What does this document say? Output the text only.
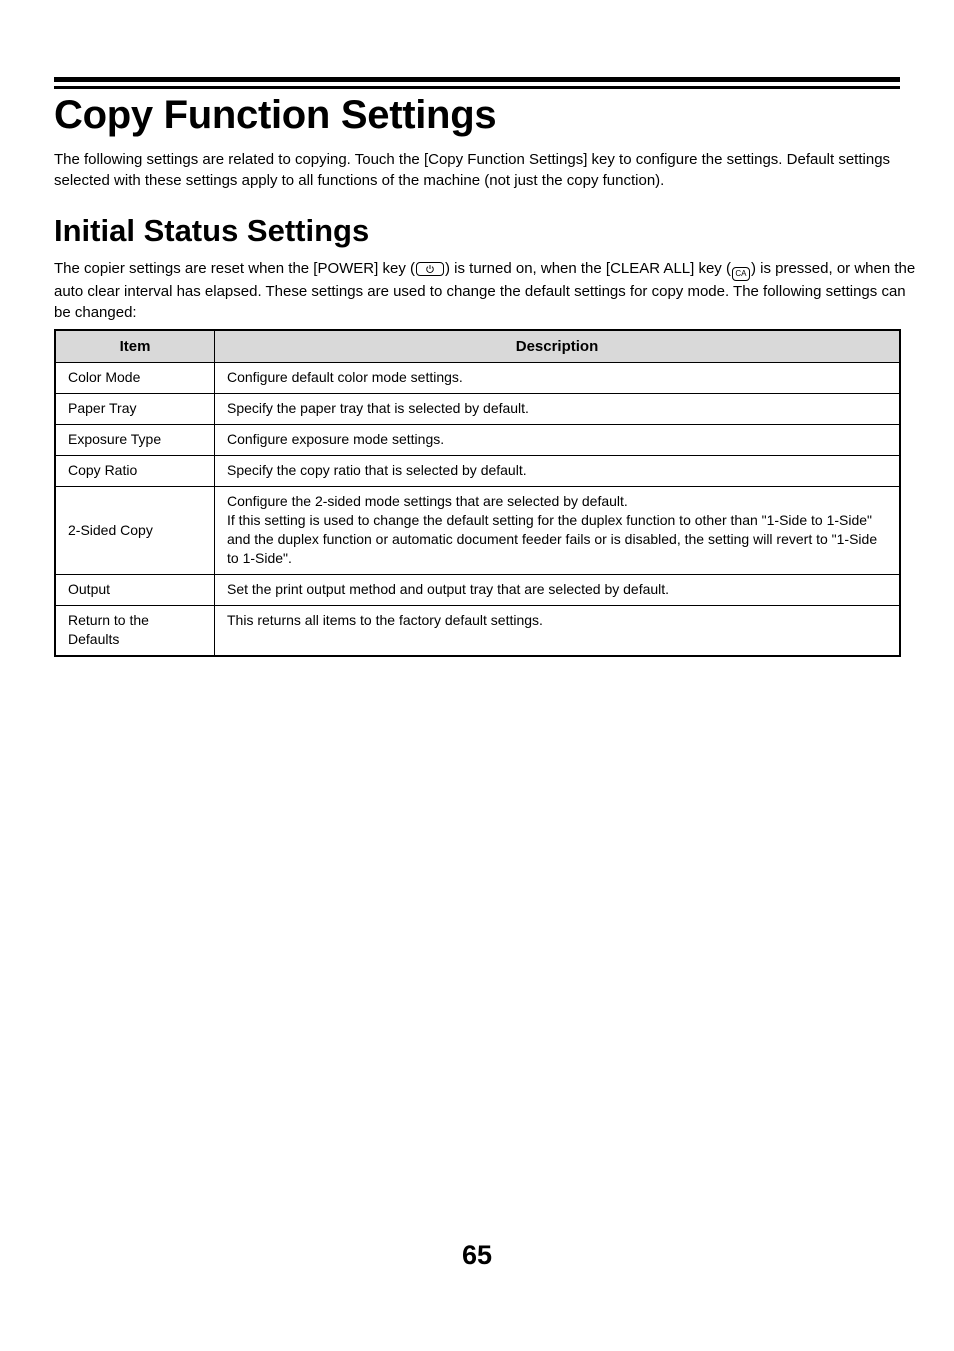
Copy Function Settings

The following settings are related to copying. Touch the [Copy Function Settings] key to configure the settings. Default settings selected with these settings apply to all functions of the machine (not just the copy function).

Initial Status Settings

The copier settings are reset when the [POWER] key ( ) is turned on, when the [CLEAR ALL] key ( CA ) is pressed, or when the auto clear interval has elapsed. These settings are used to change the default settings for copy mode. The following settings can be changed:

Item	Description
Color Mode	Configure default color mode settings.
Paper Tray	Specify the paper tray that is selected by default.
Exposure Type	Configure exposure mode settings.
Copy Ratio	Specify the copy ratio that is selected by default.
2-Sided Copy	Configure the 2-sided mode settings that are selected by default.
If this setting is used to change the default setting for the duplex function to other than "1-Side to 1-Side" and the duplex function or automatic document feeder fails or is disabled, the setting will revert to "1-Side to 1-Side".

Output	Set the print output method and output tray that are selected by default.

Return to the Defaults	This returns all items to the factory default settings.
65
